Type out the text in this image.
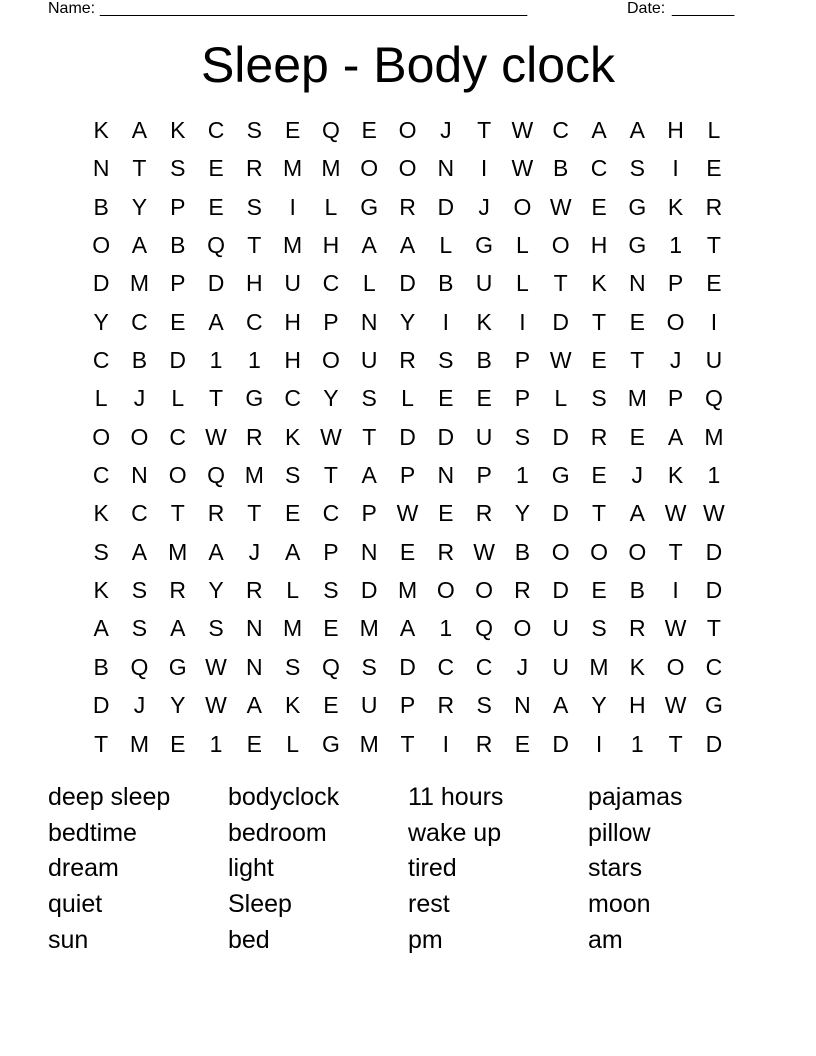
Name: ________________________________________________	Date: _______
Sleep - Body clock
K A K C S E Q E O	J	T W C A A H	L
N T	S E R M M O O N	I	W B C S	I	E
B Y P E S	I	L G R D	J	O W E G K R
O A B Q T M H A A	L G L O H G 1	T
D M P D H U C	L	D B U	L	T	K N P E
Y C E A C H P N Y	I	K	I	D T	E O	I
C B D	1	1	H O U R S B P W E	T	J	U
L	J	L	T G C Y S	L	E E P	L	S M P Q
O O C W R K W T D D U S D R E A M
C N O Q M S	T	A P N P	1 G E	J	K	1
K C T R T	E C P W E R Y D T	A W W
S A M A	J	A P N E R W B O O O T D
K S R Y R	L	S D M O O R D E B	I	D
A S A S N M E M A	1 Q O U S R W T
B Q G W N S Q S D C C	J	U M K O C
D	J	Y W A K E U P R S N A Y H W G
T M E	1	E	L G M T	I	R E D	I	1	T D
deep sleep	bodyclock	11 hours	pajamas
bedtime	bedroom	wake up	pillow
dream	light	tired	stars
quiet	Sleep	rest	moon
sun	bed	pm	am
